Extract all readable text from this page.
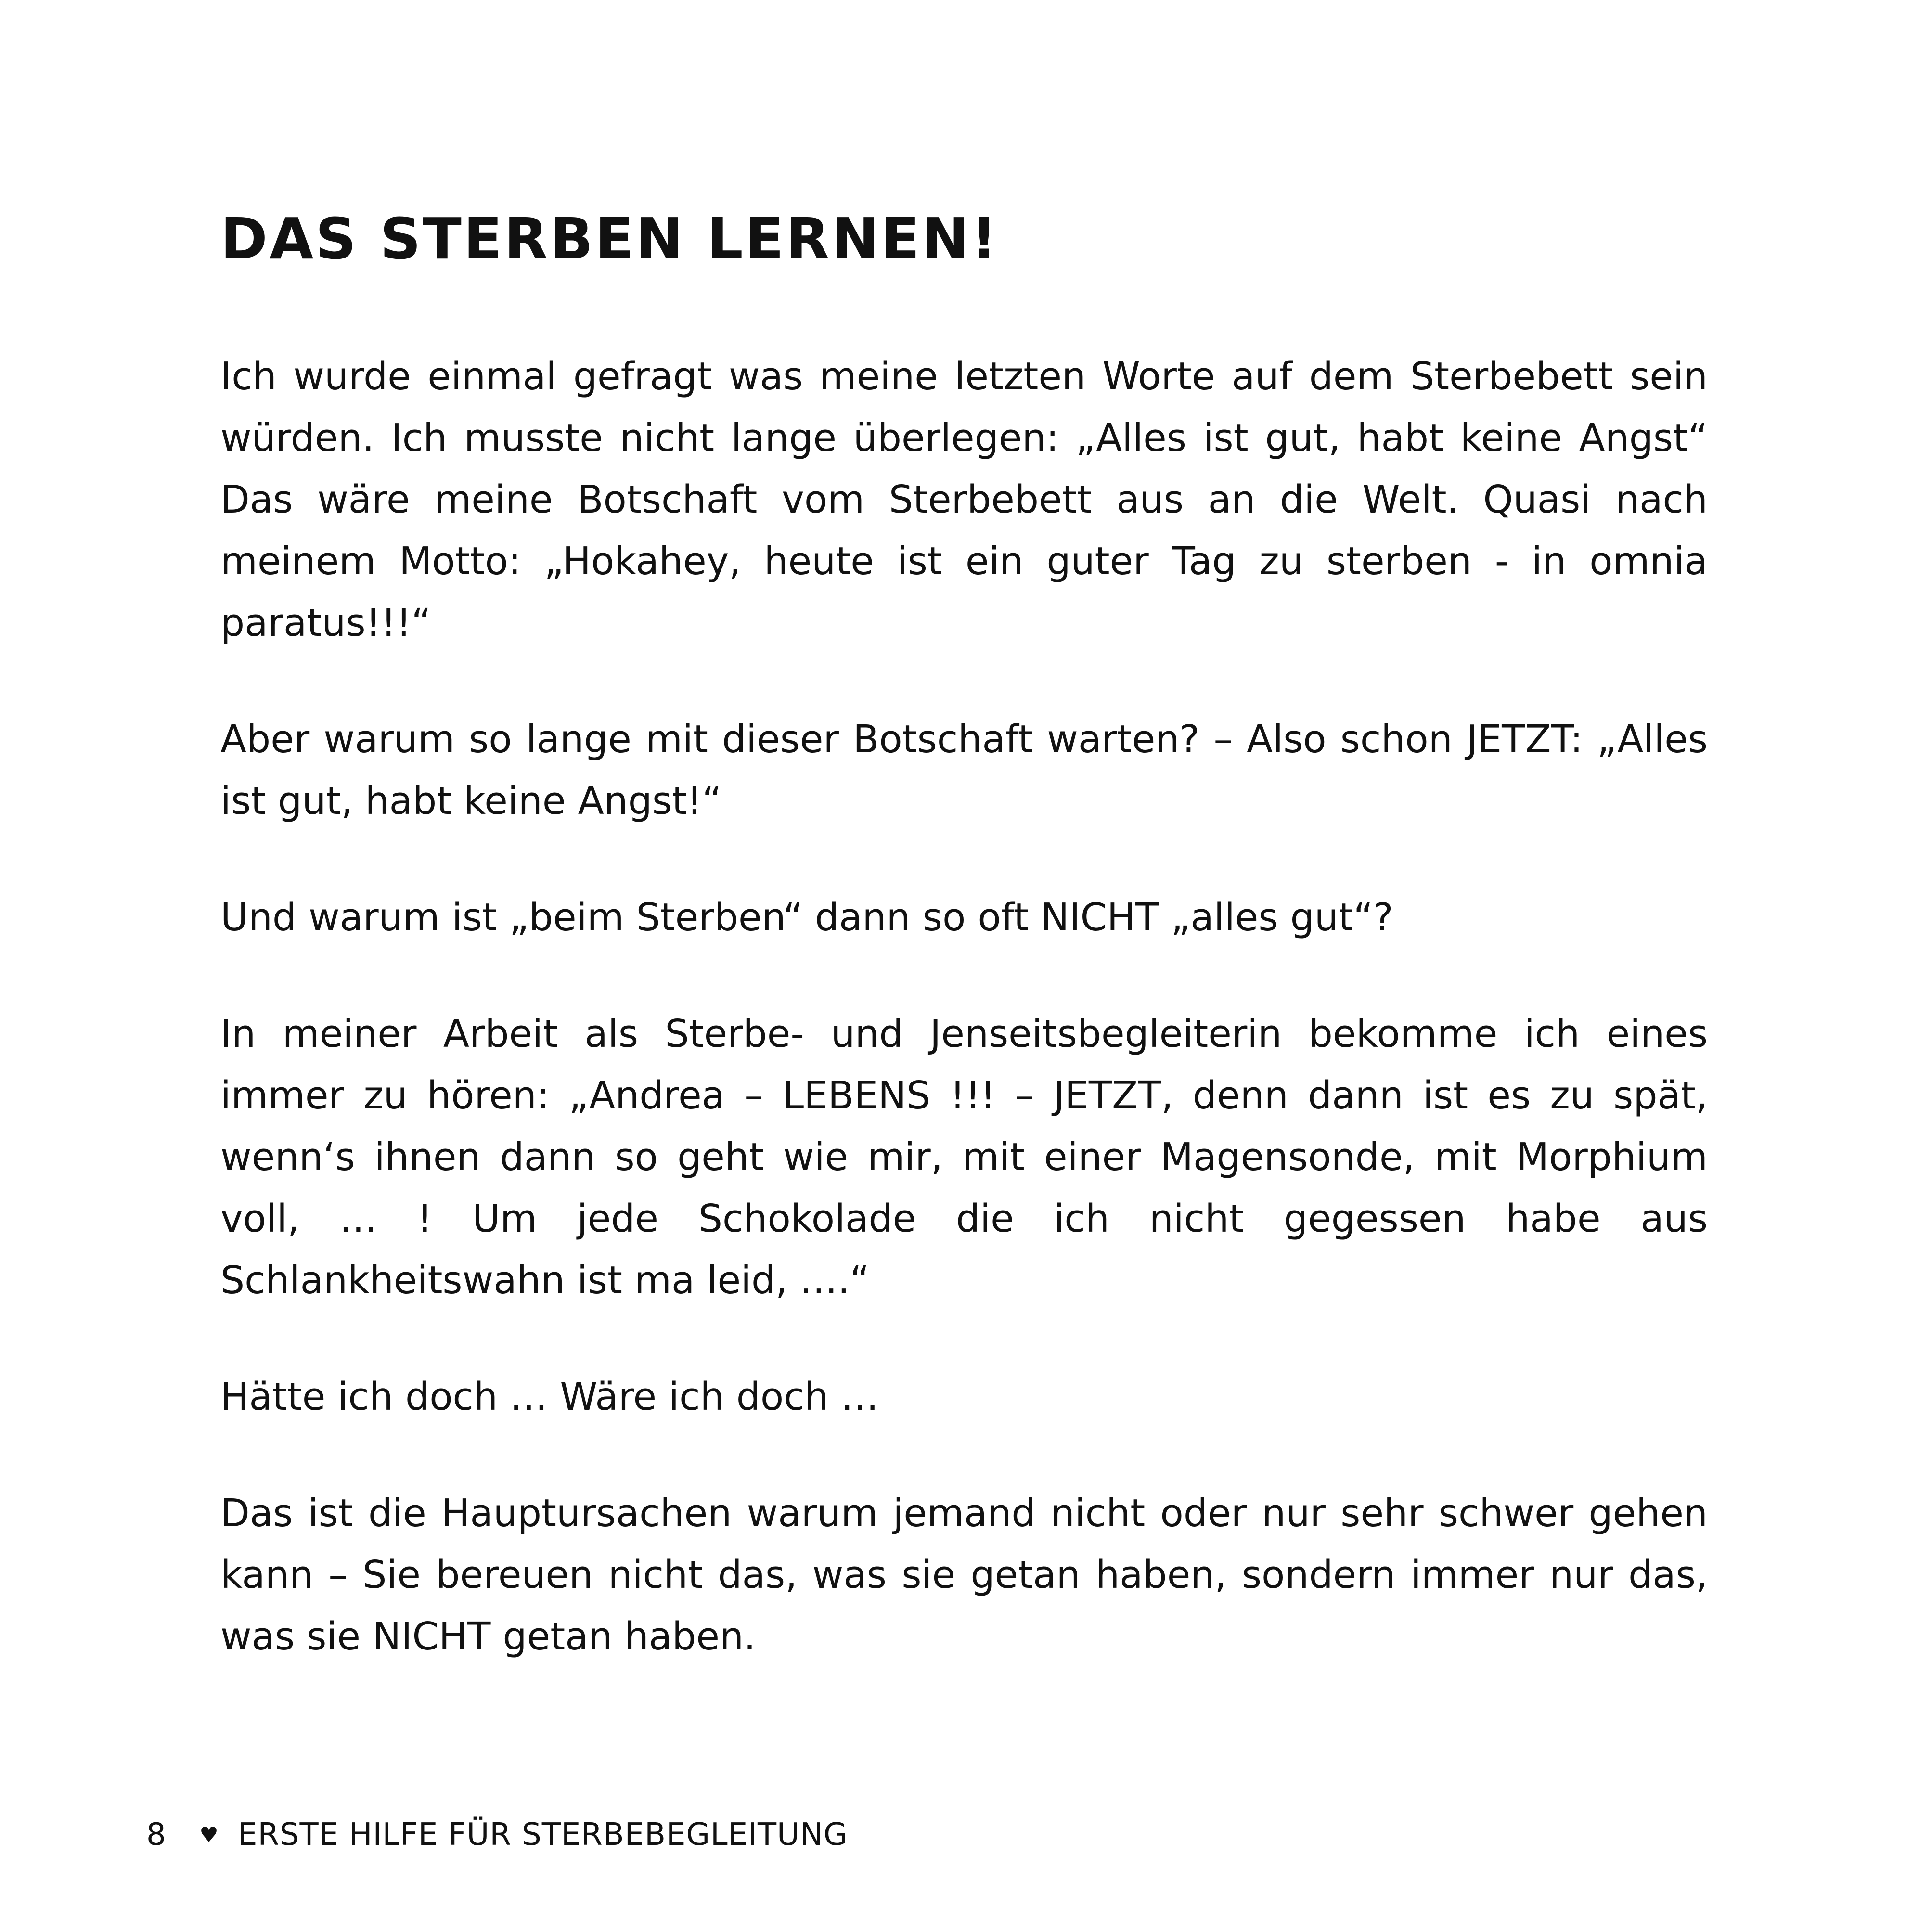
DAS STERBEN LERNEN!

Ich wurde einmal gefragt was meine letzten Worte auf dem Sterbebett sein würden. Ich musste nicht lange überlegen: „Alles ist gut, habt keine Angst“ Das wäre meine Botschaft vom Sterbebett aus an die Welt. Quasi nach meinem Motto: „Hokahey, heute ist ein guter Tag zu sterben - in omnia paratus!!!“

Aber warum so lange mit dieser Botschaft warten? – Also schon JETZT: „Alles ist gut, habt keine Angst!“

Und warum ist „beim Sterben“ dann so oft NICHT „alles gut“?

In meiner Arbeit als Sterbe- und Jenseitsbegleiterin bekomme ich eines immer zu hören: „Andrea – LEBENS !!! – JETZT, denn dann ist es zu spät, wenn‘s ihnen dann so geht wie mir, mit einer Magensonde, mit Morphium voll, … ! Um jede Schokolade die ich nicht gegessen habe aus Schlankheitswahn ist ma leid, ….“

Hätte ich doch … Wäre ich doch …

Das ist die Hauptursachen warum jemand nicht oder nur sehr schwer gehen kann – Sie bereuen nicht das, was sie getan haben, sondern immer nur das, was sie NICHT getan haben.

8	♥ ERSTE HILFE FÜR STERBEBEGLEITUNG
